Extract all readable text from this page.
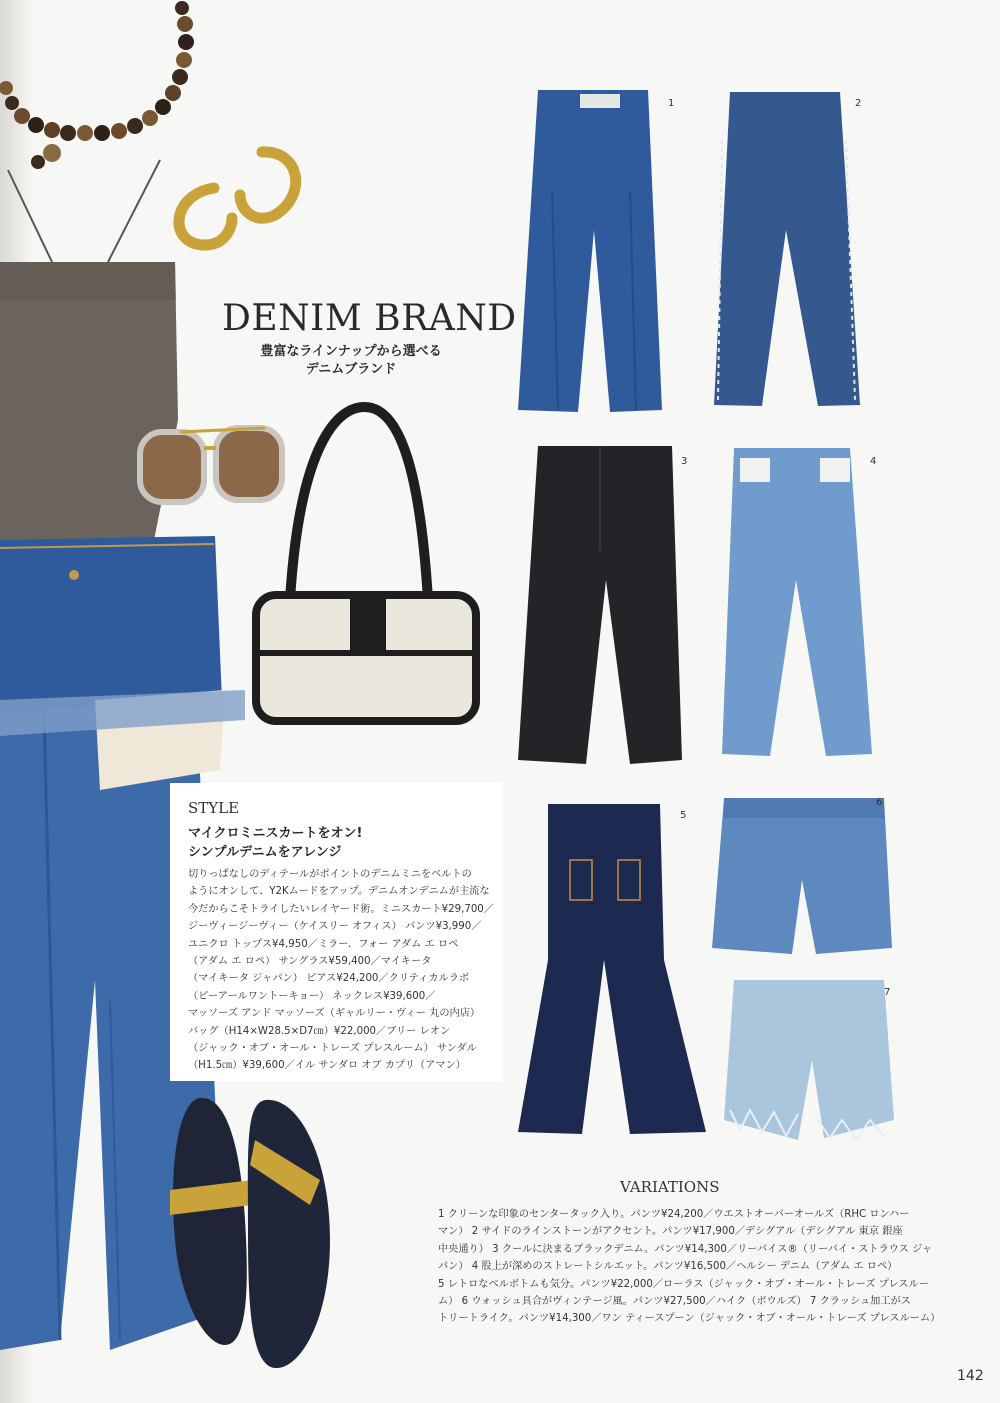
DENIM BRAND
豊富なラインナップから選べる
デニムブランド
1	2
3	4
5
6
7
STYLE
マイクロミニスカートをオン!
シンプルデニムをアレンジ

切りっぱなしのディテールがポイントのデニムミニをベルトの

ようにオンして、Y2Kムードをアップ。デニムオンデニムが主流な

今だからこそトライしたいレイヤード術。ミニスカート¥29,700／

ジーヴィージーヴィー（ケイスリー オフィス） パンツ¥3,990／

ユニクロ トップス¥4,950／ミラー．フォー アダム エ ロペ

（アダム エ ロペ） サングラス¥59,400／マイキータ

（マイキータ ジャパン） ピアス¥24,200／クリティカルラボ

（ピーアールワントーキョー） ネックレス¥39,600／

マッソーズ アンド マッソーズ（ギャルリー・ヴィー 丸の内店）

バッグ（H14×W28.5×D7㎝）¥22,000／ブリー レオン

（ジャック・オブ・オール・トレーズ プレスルーム） サンダル

（H1.5㎝）¥39,600／イル サンダロ オブ カプリ（アマン）

VARIATIONS

1 クリーンな印象のセンタータック入り。パンツ¥24,200／ウエストオーバーオールズ（RHC ロンハー

マン） 2 サイドのラインストーンがアクセント。パンツ¥17,900／デシグアル（デシグアル 東京 銀座

中央通り） 3 クールに決まるブラックデニム。パンツ¥14,300／リーバイス®（リーバイ・ストラウス ジャ

パン） 4 股上が深めのストレートシルエット。パンツ¥16,500／ヘルシー デニム（アダム エ ロペ）

5 レトロなベルボトムも気分。パンツ¥22,000／ローラス（ジャック・オブ・オール・トレーズ プレスルー

ム） 6 ウォッシュ具合がヴィンテージ風。パンツ¥27,500／ハイク（ボウルズ） 7 クラッシュ加工がス

トリートライク。パンツ¥14,300／ワン ティースプーン（ジャック・オブ・オール・トレーズ プレスルーム）

142
